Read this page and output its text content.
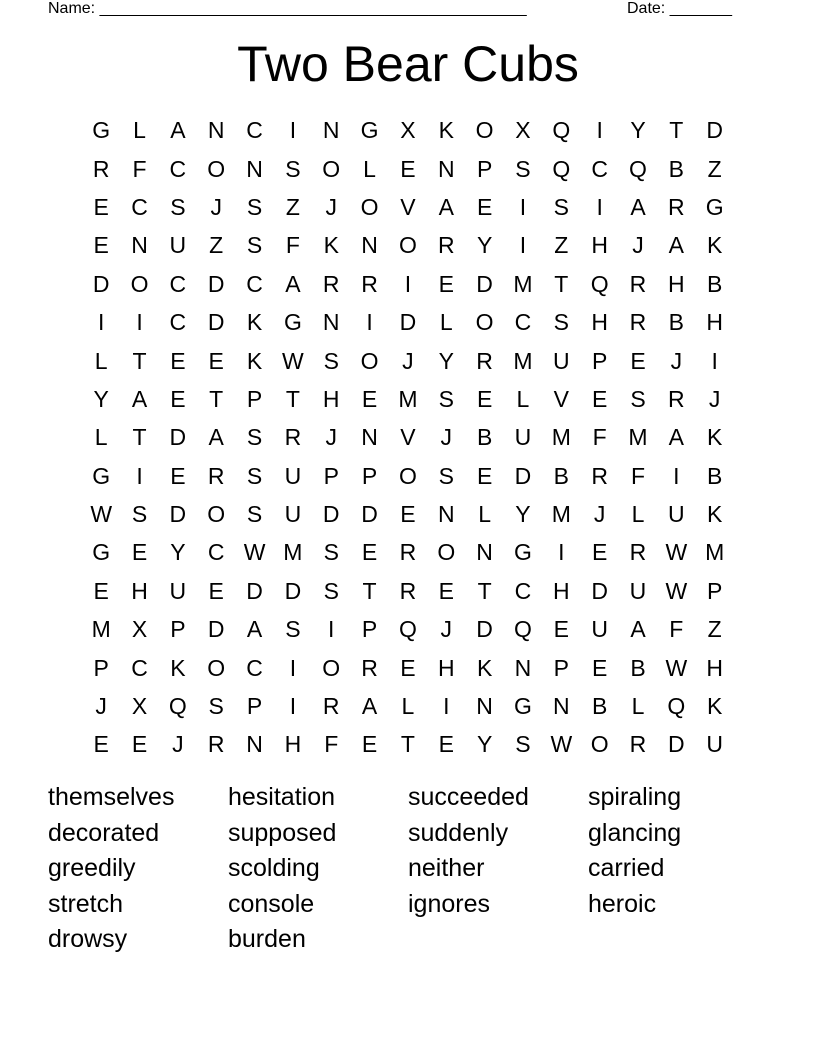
Name: ________________________________________________	Date: _______
Two Bear Cubs
G	L	A N C	I	N G X	K O X Q	I	Y	T	D
R	F	C O N S O	L	E N P	S Q C Q B	Z
E C S	J	S	Z	J	O V	A	E	I	S	I	A R G
E N U	Z	S	F	K N O R Y	I	Z	H	J	A	K
D O C D C A R R	I	E D M T Q R H B
I	I	C D K G N	I	D	L	O C S H R B H
L	T	E	E	K W S O	J	Y R M U P	E	J	I
Y	A	E	T	P	T	H E M S	E	L	V	E	S R	J
L	T	D A	S R	J	N V	J	B U M F M A	K
G	I	E R S U P	P O S	E D B R	F	I	B
W S D O S U D D E N	L	Y M	J	L	U K
G E	Y C W M S	E R O N G	I	E R W M
E H U E D D S	T	R E	T	C H D U W P
M X	P D A	S	I	P Q	J	D Q E U A	F	Z
P C K O C	I	O R E H K N P	E	B W H
J	X Q S	P	I	R A	L	I	N G N B	L	Q K
E	E	J	R N H	F	E	T	E	Y	S W O R D U
themselves	hesitation	succeeded	spiraling
decorated	supposed	suddenly	glancing
greedily	scolding	neither	carried
stretch	console	ignores	heroic
drowsy	burden
